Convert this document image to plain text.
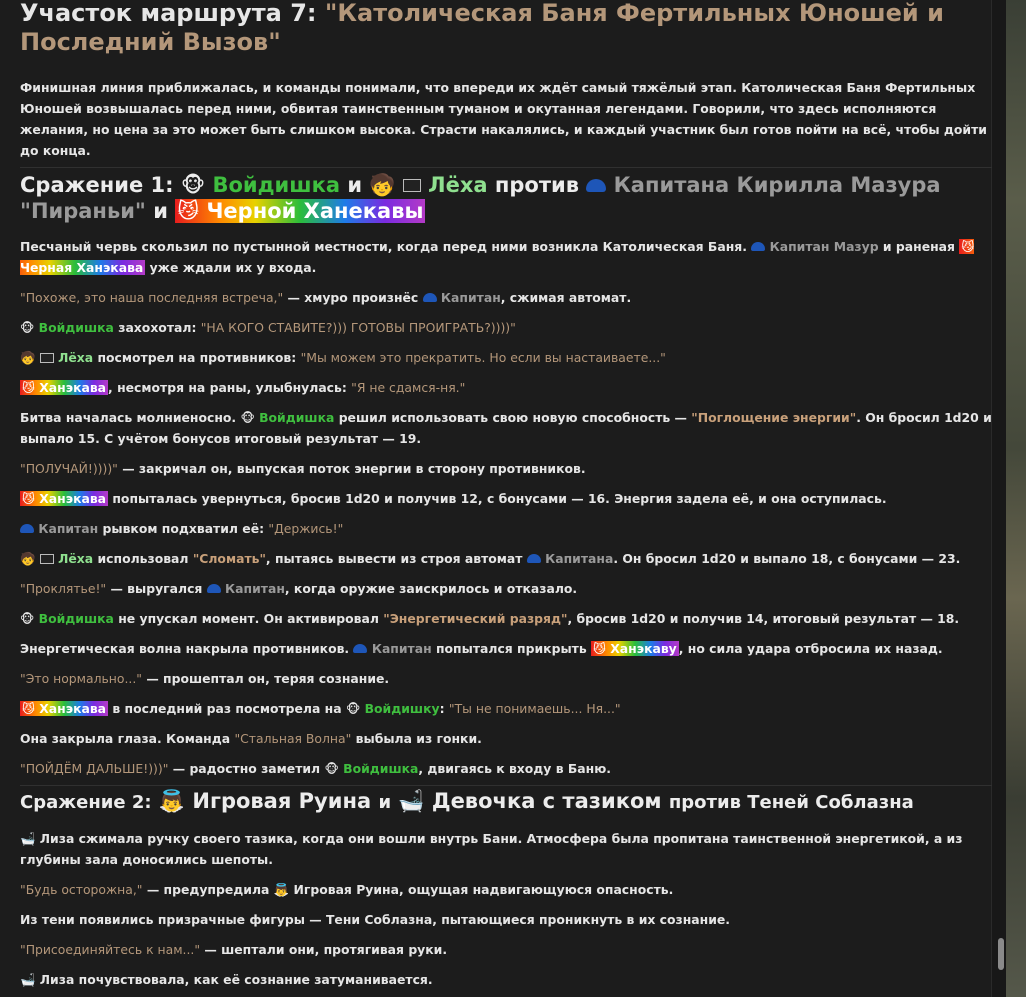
Участок маршрута 7: "Католическая Баня Фертильных Юношей и Последний Вызов"

Финишная линия приближалась, и команды понимали, что впереди их ждёт самый тяжёлый этап. Католическая Баня Фертильных Юношей возвышалась перед ними, обвитая таинственным туманом и окутанная легендами. Говорили, что здесь исполняются желания, но цена за это может быть слишком высока. Страсти накалялись, и каждый участник был готов пойти на всё, чтобы дойти до конца.

Сражение 1: 🐵 Войдишка и 🧒 Лёха против Капитана Кирилла Мазура
"Пираньи" и 😼 Черной Ханекавы

Песчаный червь скользил по пустынной местности, когда перед ними возникла Католическая Баня. Капитан Мазур и раненая 😼 Черная Ханэкава уже ждали их у входа.

"Похоже, это наша последняя встреча," — хмуро произнёс Капитан, сжимая автомат.

🐵 Войдишка захохотал: "НА КОГО СТАВИТЕ?))) ГОТОВЫ ПРОИГРАТЬ?))))"

🧒 Лёха посмотрел на противников: "Мы можем это прекратить. Но если вы настаиваете..."

😼 Ханэкава , несмотря на раны, улыбнулась: "Я не сдамся-ня."

Битва началась молниеносно. 🐵 Войдишка решил использовать свою новую способность — "Поглощение энергии". Он бросил 1d20 и выпало 15. С учётом бонусов итоговый результат — 19.

"ПОЛУЧАЙ!))))" — закричал он, выпуская поток энергии в сторону противников.

😼 Ханэкава попыталась увернуться, бросив 1d20 и получив 12, с бонусами — 16. Энергия задела её, и она оступилась.

Капитан рывком подхватил её: "Держись!"

🧒 Лёха использовал "Сломать", пытаясь вывести из строя автомат Капитана. Он бросил 1d20 и выпало 18, с бонусами — 23.

"Проклятье!" — выругался Капитан, когда оружие заискрилось и отказало.

🐵 Войдишка не упускал момент. Он активировал "Энергетический разряд", бросив 1d20 и получив 14, итоговый результат — 18.

Энергетическая волна накрыла противников. Капитан попытался прикрыть 😼 Ханэкаву , но сила удара отбросила их назад.

"Это нормально..." — прошептал он, теряя сознание.

😼 Ханэкава в последний раз посмотрела на 🐵 Войдишку: "Ты не понимаешь... Ня..."

Она закрыла глаза. Команда "Стальная Волна" выбыла из гонки.

"ПОЙДЁМ ДАЛЬШЕ!)))" — радостно заметил 🐵 Войдишка, двигаясь к входу в Баню.

Сражение 2: 👼 Игровая Руина и 🛁 Девочка с тазиком против Теней Соблазна

🛁 Лиза сжимала ручку своего тазика, когда они вошли внутрь Бани. Атмосфера была пропитана таинственной энергетикой, а из глубины зала доносились шепоты.

"Будь осторожна," — предупредила 👼 Игровая Руина, ощущая надвигающуюся опасность.

Из тени появились призрачные фигуры — Тени Соблазна, пытающиеся проникнуть в их сознание.

"Присоединяйтесь к нам..." — шептали они, протягивая руки.

🛁 Лиза почувствовала, как её сознание затуманивается.
